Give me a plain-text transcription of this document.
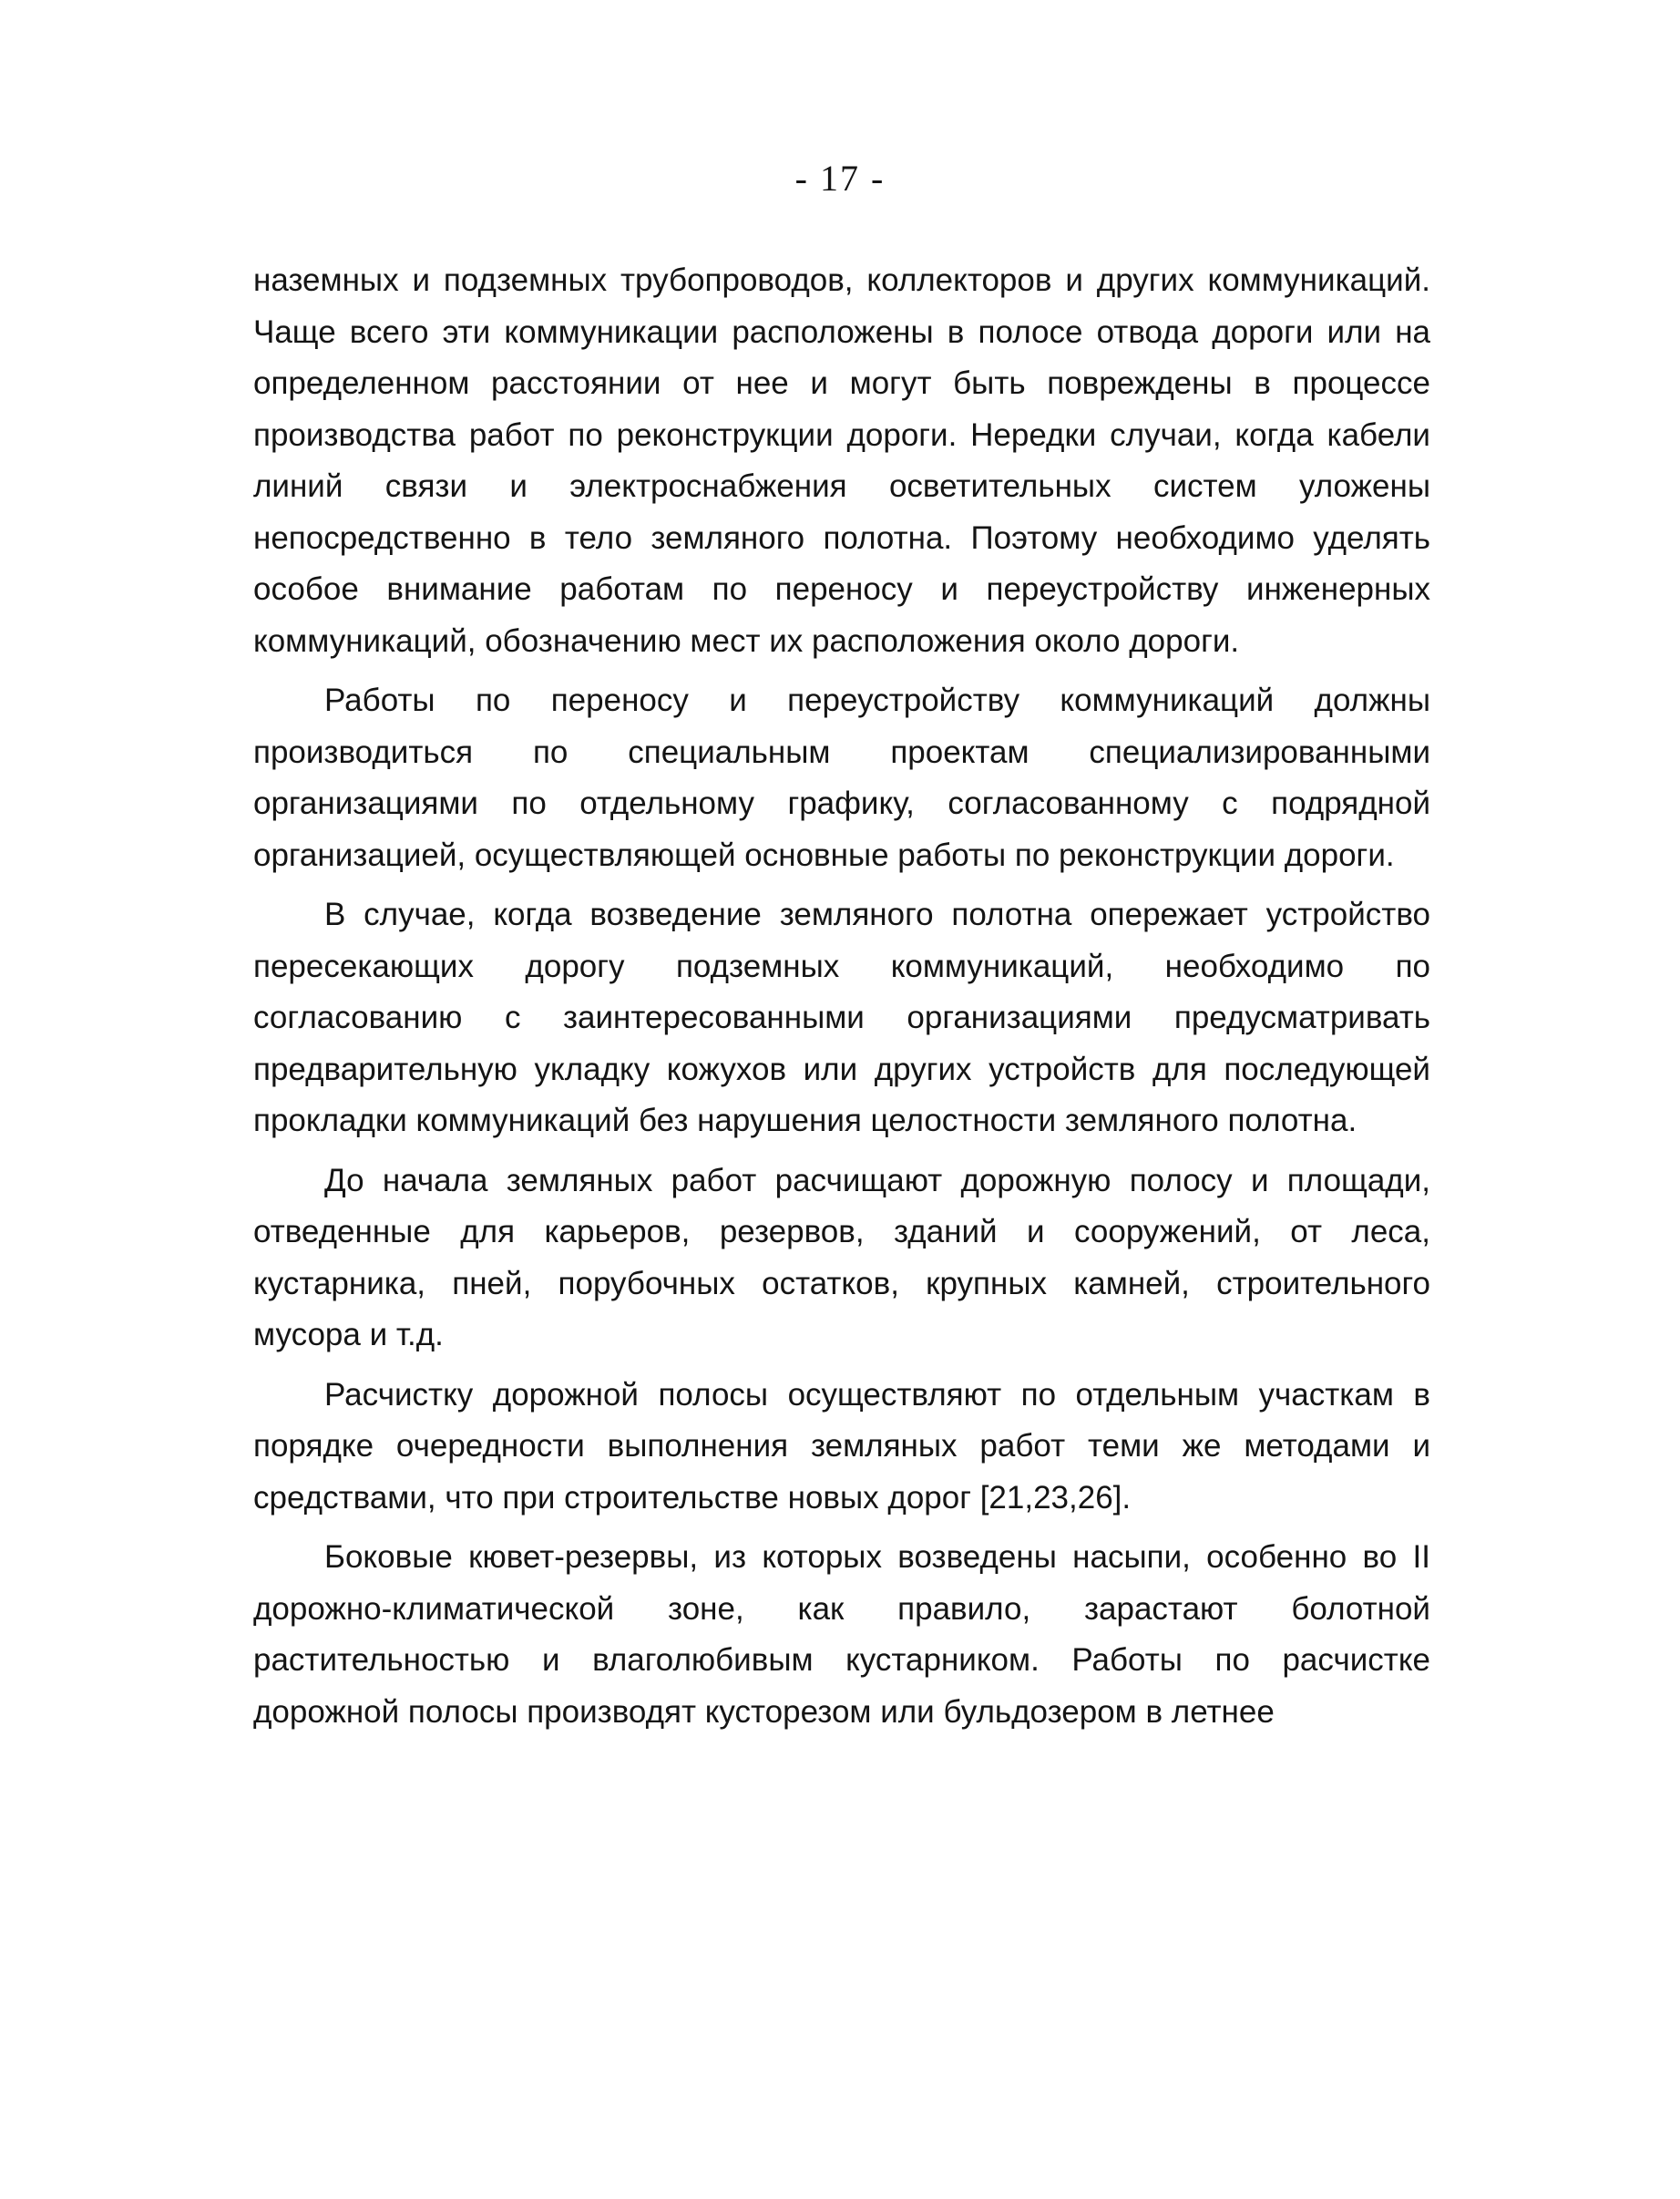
- 17 -

наземных и подземных трубопроводов, коллекторов и других коммуникаций. Чаще всего эти коммуникации расположены в полосе отвода дороги или на определенном расстоянии от нее и могут быть повреждены в процессе производства работ по реконструкции дороги. Нередки случаи, когда кабели линий связи и электроснабжения осветительных систем уложены непосредственно в тело земляного полотна. Поэтому необходимо уделять особое внимание работам по переносу и переустройству инженерных коммуникаций, обозначению мест их расположения около дороги.

Работы по переносу и переустройству коммуникаций должны производиться по специальным проектам специализированными организациями по отдельному графику, согласованному с подрядной организацией, осуществляющей основные работы по реконструкции дороги.

В случае, когда возведение земляного полотна опережает устройство пересекающих дорогу подземных коммуникаций, необходимо по согласованию с заинтересованными организациями предусматривать предварительную укладку кожухов или других устройств для последующей прокладки коммуникаций без нарушения целостности земляного полотна.

До начала земляных работ расчищают дорожную полосу и площади, отведенные для карьеров, резервов, зданий и сооружений, от леса, кустарника, пней, порубочных остатков, крупных камней, строительного мусора и т.д.

Расчистку дорожной полосы осуществляют по отдельным участкам в порядке очередности выполнения земляных работ теми же методами и средствами, что при строительстве новых дорог [21,23,26].

Боковые кювет-резервы, из которых возведены насыпи, особенно во II дорожно-климатической зоне, как правило, зарастают болотной растительностью и влаголюбивым кустарником. Работы по расчистке дорожной полосы производят кусторезом или бульдозером в летнее
